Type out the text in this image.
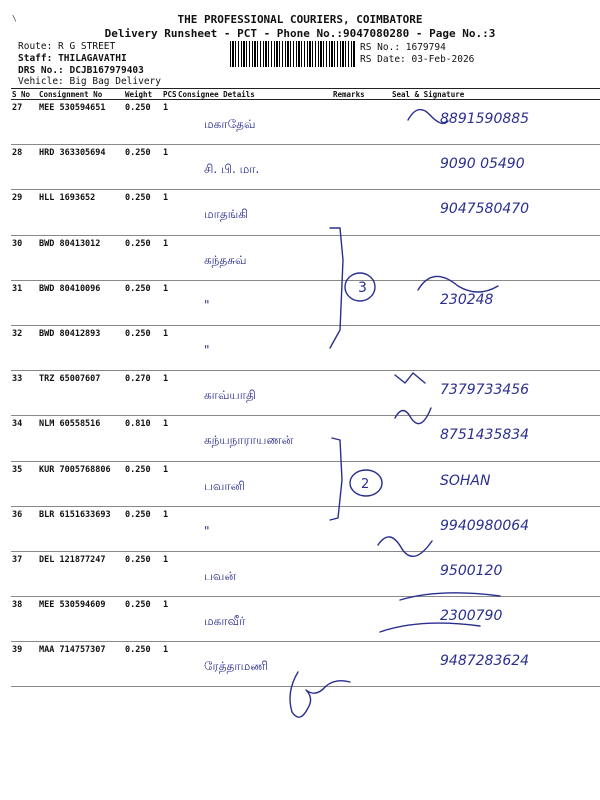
\	THE PROFESSIONAL COURIERS, COIMBATORE
Delivery Runsheet - PCT - Phone No.:9047080280 - Page No.:3
Route: R G STREET
Staff: THILAGAVATHI
DRS No.: DCJB167979403
Vehicle: Big Bag Delivery
RS No.: 1679794
RS Date: 03-Feb-2026
S No	Consignment No	Weight	PCS	Consignee Details	Remarks	Seal & Signature
27	MEE 530594651	0.250	1	மகாதேவ்		8891590885
28	HRD 363305694	0.250	1	சி. பி. மா.		9090 05490
29	HLL 1693652	0.250	1	மாதங்கி		9047580470
30	BWD 80413012	0.250	1	கந்தசுவ்		
31	BWD 80410096	0.250	1	"		230248
32	BWD 80412893	0.250	1	"		
33	TRZ 65007607	0.270	1	காவ்யாதி		7379733456
34	NLM 60558516	0.810	1	கந்யநாராயணன்		8751435834
35	KUR 7005768806	0.250	1	பவானி		SOHAN
36	BLR 6151633693	0.250	1	"		9940980064
37	DEL 121877247	0.250	1	பவன்		9500120
38	MEE 530594609	0.250	1	மகாவீர்		2300790
39	MAA 714757307	0.250	1	ரேத்தாமணி		9487283624
3
2
